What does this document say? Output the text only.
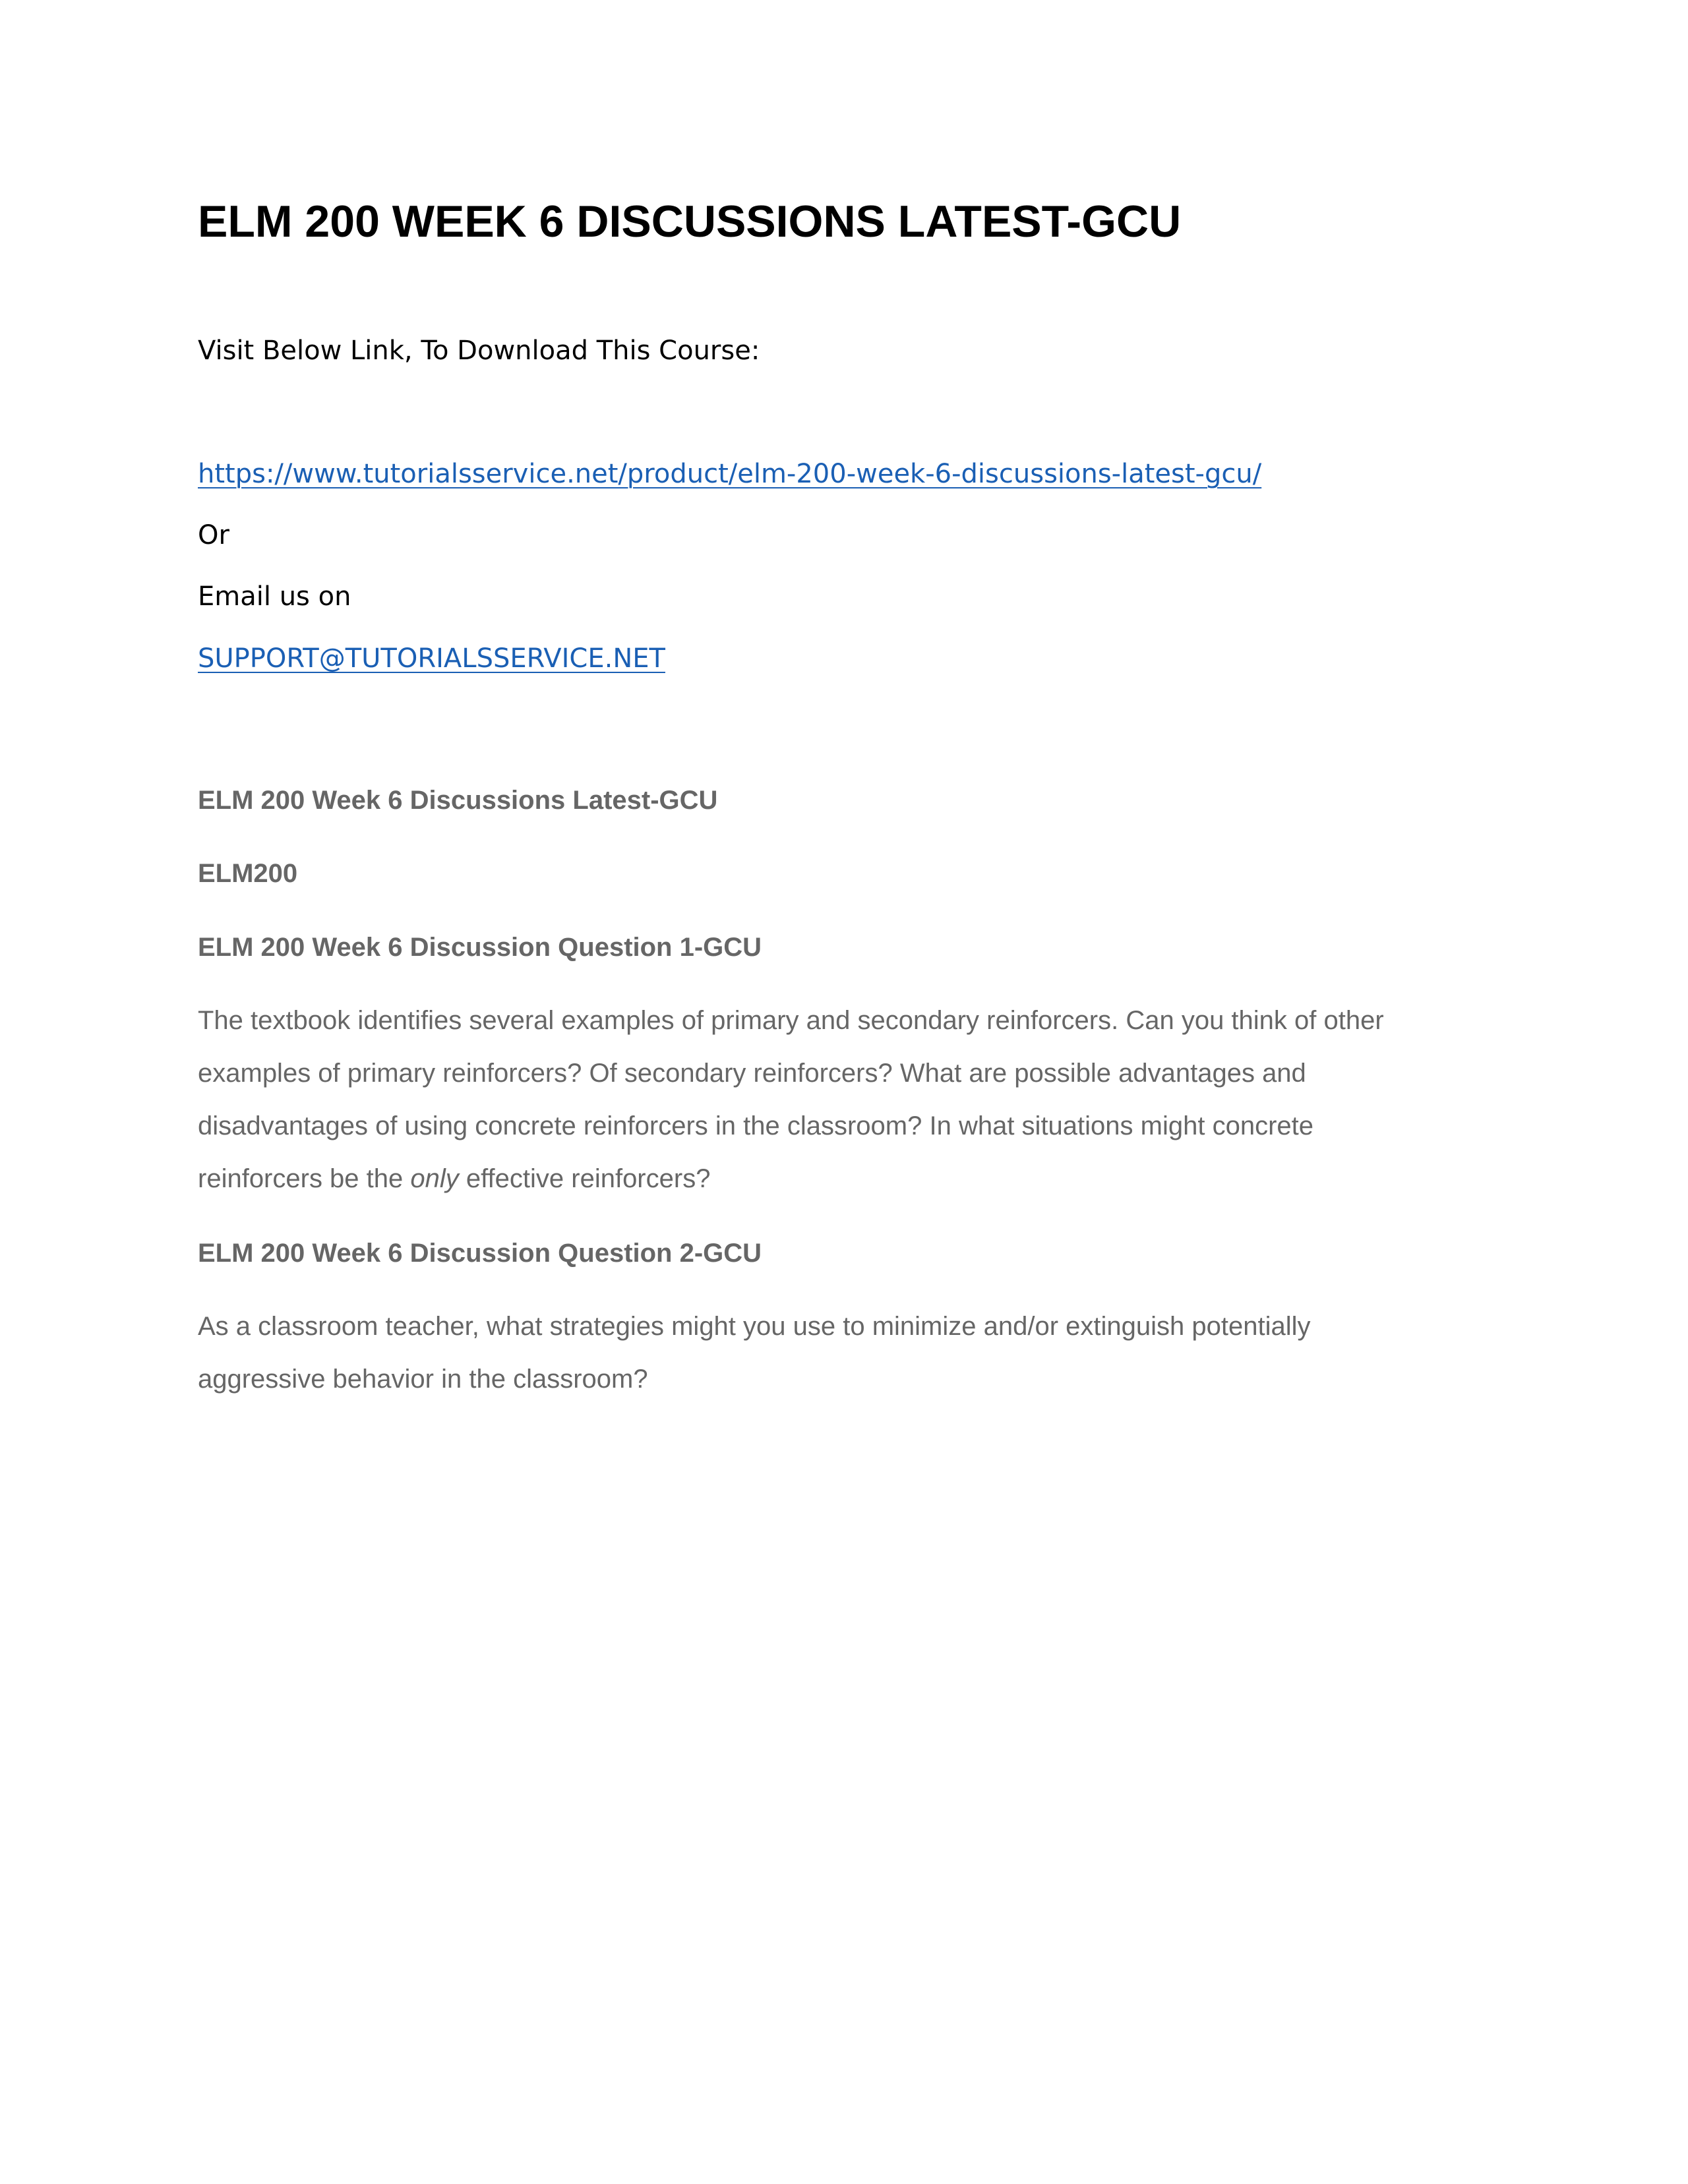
ELM 200 WEEK 6 DISCUSSIONS LATEST-GCU

Visit Below Link, To Download This Course:

https://www.tutorialsservice.net/product/elm-200-week-6-discussions-latest-gcu/

Or

Email us on

SUPPORT@TUTORIALSSERVICE.NET

ELM 200 Week 6 Discussions Latest-GCU
ELM200
ELM 200 Week 6 Discussion Question 1-GCU

The textbook identifies several examples of primary and secondary reinforcers. Can you think of other
examples of primary reinforcers? Of secondary reinforcers? What are possible advantages and
disadvantages of using concrete reinforcers in the classroom? In what situations might concrete
reinforcers be the only effective reinforcers?

ELM 200 Week 6 Discussion Question 2-GCU

As a classroom teacher, what strategies might you use to minimize and/or extinguish potentially
aggressive behavior in the classroom?
